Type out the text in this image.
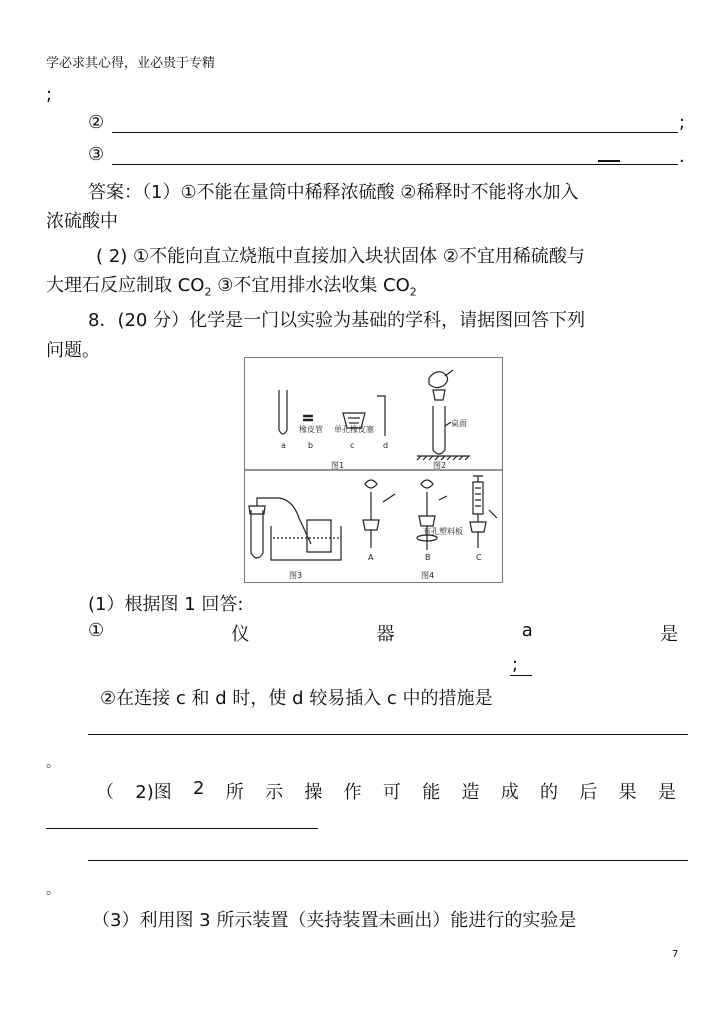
学必求其心得，业必贵于专精
;
②	;
③	.
答案：（1）①不能在量筒中稀释浓硫酸 ②稀释时不能将水加入
浓硫酸中
( 2) ①不能向直立烧瓶中直接加入块状固体 ②不宜用稀硫酸与
大理石反应制取 $CO_2$ ③不宜用排水法收集 $CO_2$
8．(20 分）化学是一门以实验为基础的学科，请据图回答下列
问题。
橡皮管 单孔橡皮塞
桌面
a	b	c	d
图1	图2
有孔塑料板
A	B	C
图3	图4
(1）根据图 1 回答:
①	仪	器	a	是
;
②在连接 c 和 d 时，使 d 较易插入 c 中的措施是
。
（ 2)图 2 所 示 操 作 可 能 造 成 的 后 果 是
。
（3）利用图 3 所示装置（夹持装置未画出）能进行的实验是
7
